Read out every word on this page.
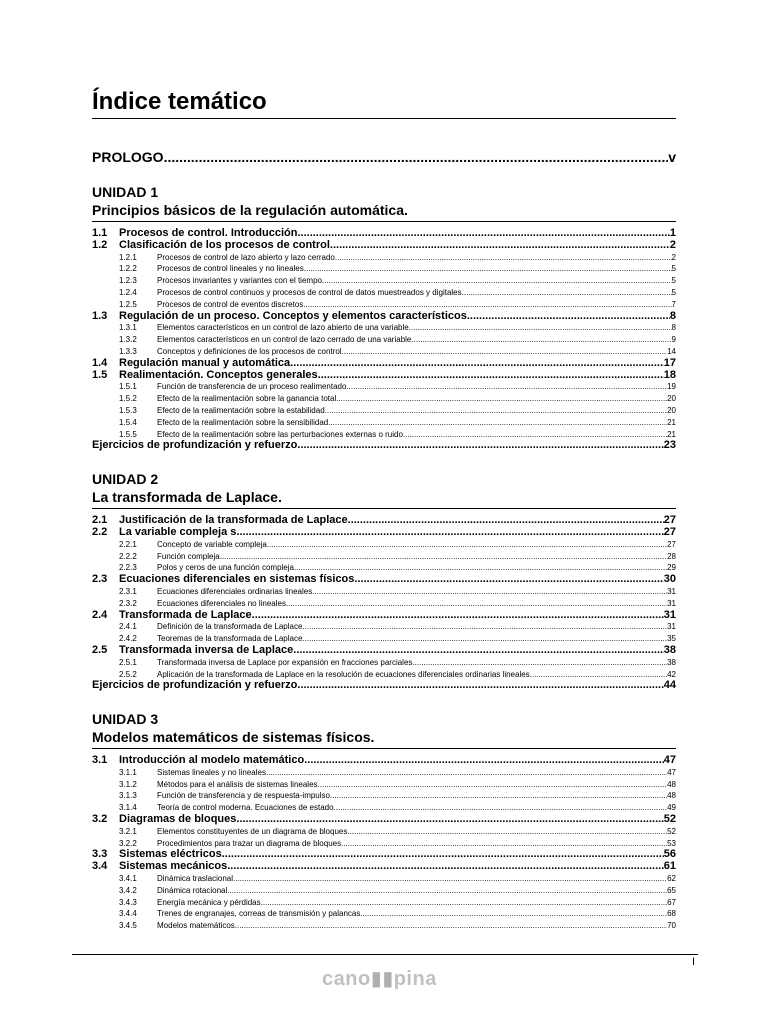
Índice temático
PROLOGO .....	v
UNIDAD 1
Principios básicos de la regulación automática.
1.1	Procesos de control. Introducción. .....	1
1.2	Clasificación de los procesos de control. .....	2
1.2.1	Procesos de control de lazo abierto y lazo cerrado. .....	2
1.2.2	Procesos de control lineales y no lineales. .....	5
1.2.3	Procesos invariantes y variantes con el tiempo. .....	5
1.2.4	Procesos de control continuos y procesos de control de datos muestreados y digitales. .....	5
1.2.5	Procesos de control de eventos discretos. .....	7
1.3	Regulación de un proceso. Conceptos y elementos característicos. .....	8
1.3.1	Elementos característicos en un control de lazo abierto de una variable. .....	8
1.3.2	Elementos característicos en un control de lazo cerrado de una variable. .....	9
1.3.3	Conceptos y definiciones de los procesos de control. .....	14
1.4	Regulación manual y automática. .....	17
1.5	Realimentación. Conceptos generales. .....	18
1.5.1	Función de transferencia de un proceso realimentado. .....	19
1.5.2	Efecto de la realimentación sobre la ganancia total. .....	20
1.5.3	Efecto de la realimentación sobre la estabilidad. .....	20
1.5.4	Efecto de la realimentación sobre la sensibilidad. .....	21
1.5.5	Efecto de la realimentación sobre las perturbaciones externas o ruido. .....	21
Ejercicios de profundización y refuerzo. .....	23
UNIDAD 2
La transformada de Laplace.
2.1	Justificación de la transformada de Laplace. .....	27
2.2	La variable compleja s. .....	27
2.2.1	Concepto de variable compleja. .....	27
2.2.2	Función compleja. .....	28
2.2.3	Polos y ceros de una función compleja. .....	29
2.3	Ecuaciones diferenciales en sistemas físicos. .....	30
2.3.1	Ecuaciones diferenciales ordinarias lineales. .....	31
2.3.2	Ecuaciones diferenciales no lineales. .....	31
2.4	Transformada de Laplace. .....	31
2.4.1	Definición de la transformada de Laplace. .....	31
2.4.2	Teoremas de la transformada de Laplace. .....	35
2.5	Transformada inversa de Laplace. .....	38
2.5.1	Transformada inversa de Laplace por expansión en fracciones parciales. .....	38
2.5.2	Aplicación de la transformada de Laplace en la resolución de ecuaciones diferenciales ordinarias lineales. .....	42
Ejercicios de profundización y refuerzo. .....	44
UNIDAD 3
Modelos matemáticos de sistemas físicos.
3.1	Introducción al modelo matemático. .....	47
3.1.1	Sistemas lineales y no lineales. .....	47
3.1.2	Métodos para el análisis de sistemas lineales. .....	48
3.1.3	Función de transferencia y de respuesta-impulso. .....	48
3.1.4	Teoría de control moderna. Ecuaciones de estado. .....	49
3.2	Diagramas de bloques. .....	52
3.2.1	Elementos constituyentes de un diagrama de bloques. .....	52
3.2.2	Procedimientos para trazar un diagrama de bloques. .....	53
3.3	Sistemas eléctricos. .....	56
3.4	Sistemas mecánicos. .....	61
3.4.1	Dinámica traslacional. .....	62
3.4.2	Dinámica rotacional. .....	65
3.4.3	Energía mecánica y pérdidas. .....	67
3.4.4	Trenes de engranajes, correas de transmisión y palancas. .....	68
3.4.5	Modelos matemáticos. .....	70
I
cano▮▮pina
